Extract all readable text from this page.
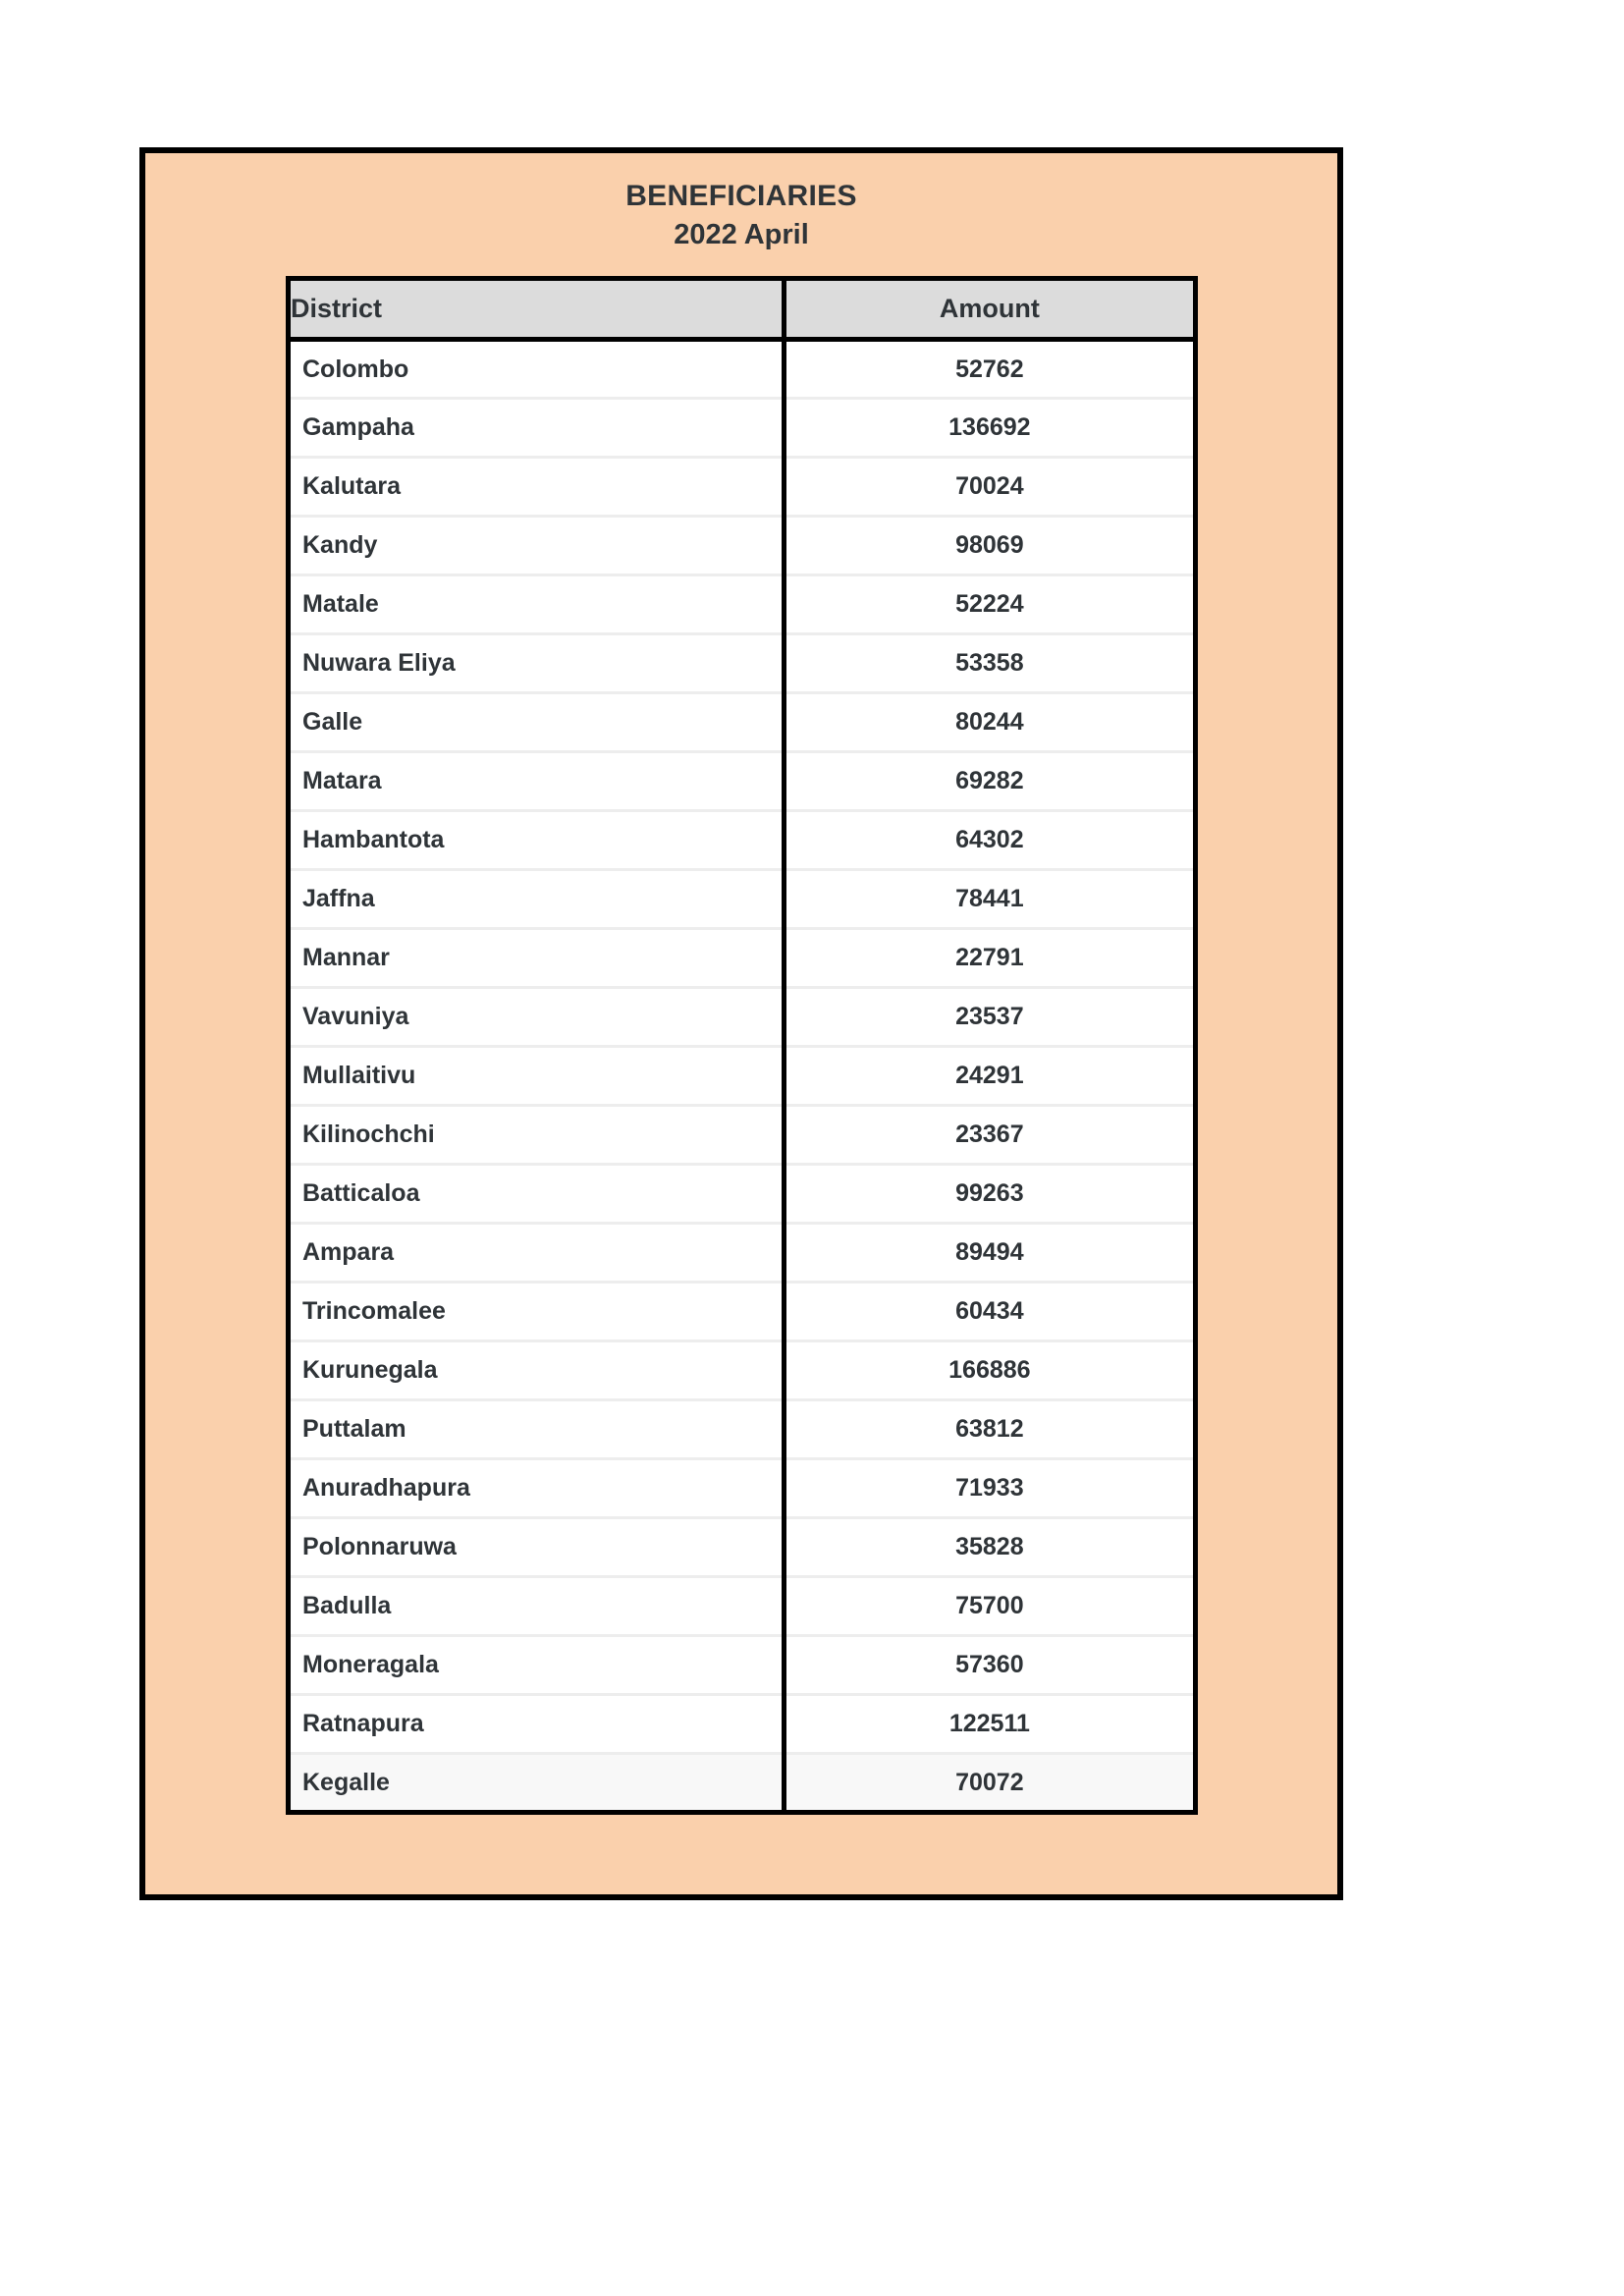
BENEFICIARIES
2022 April
District	Amount
Colombo	52762
Gampaha	136692
Kalutara	70024
Kandy	98069
Matale	52224
Nuwara Eliya	53358
Galle	80244
Matara	69282
Hambantota	64302
Jaffna	78441
Mannar	22791
Vavuniya	23537
Mullaitivu	24291
Kilinochchi	23367
Batticaloa	99263
Ampara	89494
Trincomalee	60434
Kurunegala	166886
Puttalam	63812
Anuradhapura	71933
Polonnaruwa	35828
Badulla	75700
Moneragala	57360
Ratnapura	122511
Kegalle	70072
